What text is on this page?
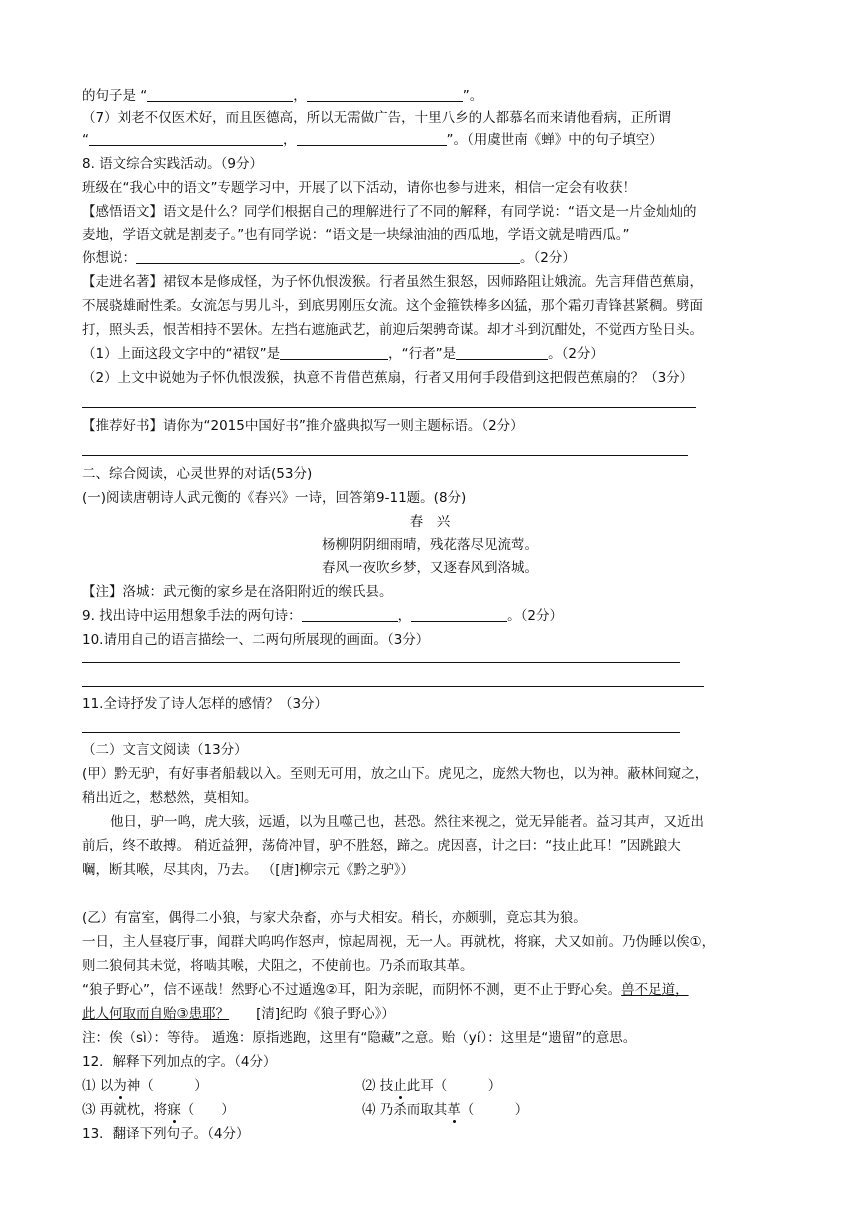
的句子是 “	，	”。

（7）刘老不仅医术好，而且医德高，所以无需做广告，十里八乡的人都慕名而来请他看病，正所谓

“	，	”。（用虞世南《蝉》中的句子填空）

8. 语文综合实践活动。（9分）

班级在“我心中的语文”专题学习中，开展了以下活动，请你也参与进来，相信一定会有收获！

【感悟语文】语文是什么？同学们根据自己的理解进行了不同的解释，有同学说：“语文是一片金灿灿的

麦地，学语文就是割麦子。”也有同学说：“语文是一块绿油油的西瓜地，学语文就是啃西瓜。”

你想说：	。（2分）

【走进名著】裙钗本是修成怪，为子怀仇恨泼猴。行者虽然生狠怒，因师路阻让娥流。先言拜借芭蕉扇，

不展骁雄耐性柔。女流怎与男儿斗，到底男刚压女流。这个金箍铁棒多凶猛，那个霜刃青锋甚紧稠。劈面

打，照头丢，恨苦相持不罢休。左挡右遮施武艺，前迎后架骋奇谋。却才斗到沉酣处，不觉西方坠日头。

（1）上面这段文字中的“裙钗”是	，“行者”是	。（2分）

（2）上文中说她为子怀仇恨泼猴，执意不肯借芭蕉扇，行者又用何手段借到这把假芭蕉扇的？（3分）

【推荐好书】请你为“2015中国好书”推介盛典拟写一则主题标语。（2分）

二、综合阅读，心灵世界的对话(53分)

(一)阅读唐朝诗人武元衡的《春兴》一诗，回答第9-11题。(8分)

春　兴

杨柳阴阴细雨晴，残花落尽见流莺。

春风一夜吹乡梦，又逐春风到洛城。

【注】洛城：武元衡的家乡是在洛阳附近的缑氏县。

9. 找出诗中运用想象手法的两句诗：	，	。（2分）

10.请用自己的语言描绘一、二两句所展现的画面。（3分）

11.全诗抒发了诗人怎样的感情？（3分）

（二）文言文阅读（13分）

(甲）黔无驴，有好事者船载以入。至则无可用，放之山下。虎见之，庞然大物也，以为神。蔽林间窥之，

稍出近之，慭慭然，莫相知。

他日，驴一鸣，虎大骇，远遁，以为且噬己也，甚恐。然往来视之，觉无异能者。益习其声，又近出

前后，终不敢搏。 稍近益狎，荡倚冲冒，驴不胜怒，蹄之。虎因喜，计之曰：“技止此耳！”因跳踉大

㘎，断其喉，尽其肉，乃去。 （[唐]柳宗元《黔之驴》）

(乙）有富室，偶得二小狼，与家犬杂畜，亦与犬相安。稍长，亦颇驯，竟忘其为狼。

一日，主人昼寝厅事，闻群犬呜呜作怒声，惊起周视，无一人。再就枕，将寐，犬又如前。乃伪睡以俟①，

则二狼伺其未觉，将啮其喉，犬阻之，不使前也。乃杀而取其革。

“狼子野心”，信不诬哉！然野心不过遁逸②耳，阳为亲昵，而阴怀不测，更不止于野心矣。兽不足道，

此人何取而自贻③患耶？　　[清]纪昀《狼子野心》）

注：俟（sì）：等待。 遁逸：原指逃跑，这里有“隐藏”之意。贻（yí）：这里是“遗留”的意思。

12．解释下列加点的字。（4分）

⑴ 以为神（　　　）	⑵ 技止此耳（　　　）

⑶ 再就枕，将寐（　　）	⑷ 乃杀而取其革（　　　）

13．翻译下列句子。（4分）
